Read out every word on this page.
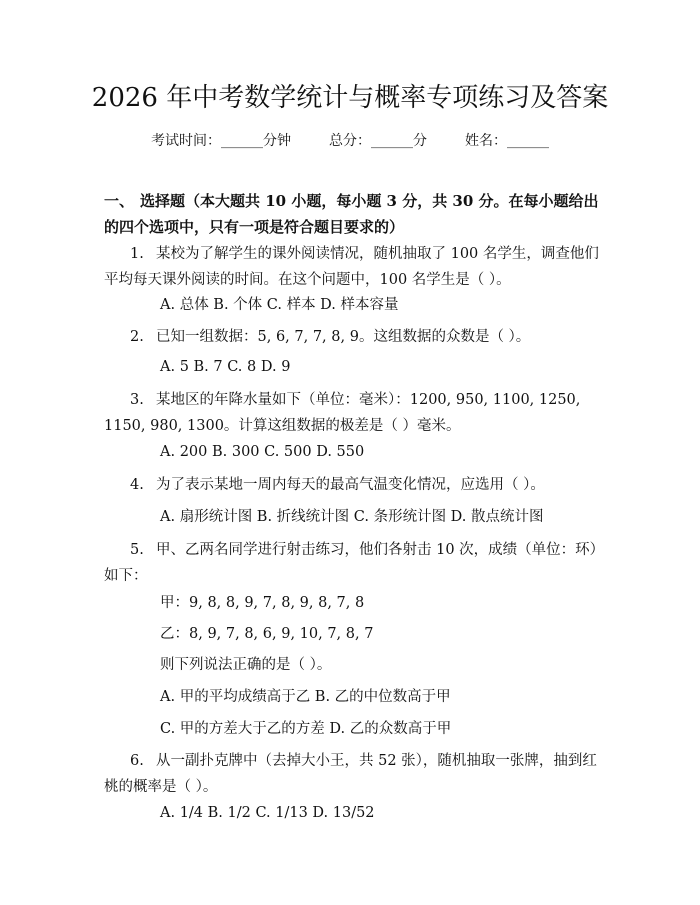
2026 年中考数学统计与概率专项练习及答案
考试时间：______分钟	总分：______分	姓名：______
一、 选择题（本大题共 10 小题，每小题 3 分，共 30 分。在每小题给出的四个选项中，只有一项是符合题目要求的）
1. 某校为了解学生的课外阅读情况，随机抽取了 100 名学生，调查他们平均每天课外阅读的时间。在这个问题中，100 名学生是（ ）。
A. 总体 B. 个体 C. 样本 D. 样本容量
2. 已知一组数据：5, 6, 7, 7, 8, 9。这组数据的众数是（ ）。
A. 5 B. 7 C. 8 D. 9
3. 某地区的年降水量如下（单位：毫米）：1200, 950, 1100, 1250, 1150, 980, 1300。计算这组数据的极差是（ ）毫米。
A. 200 B. 300 C. 500 D. 550
4. 为了表示某地一周内每天的最高气温变化情况，应选用（ ）。
A. 扇形统计图 B. 折线统计图 C. 条形统计图 D. 散点统计图
5. 甲、乙两名同学进行射击练习，他们各射击 10 次，成绩（单位：环）如下：
甲：9, 8, 8, 9, 7, 8, 9, 8, 7, 8
乙：8, 9, 7, 8, 6, 9, 10, 7, 8, 7
则下列说法正确的是（ ）。
A. 甲的平均成绩高于乙 B. 乙的中位数高于甲
C. 甲的方差大于乙的方差 D. 乙的众数高于甲
6. 从一副扑克牌中（去掉大小王，共 52 张），随机抽取一张牌，抽到红桃的概率是（ ）。
A. 1/4 B. 1/2 C. 1/13 D. 13/52
